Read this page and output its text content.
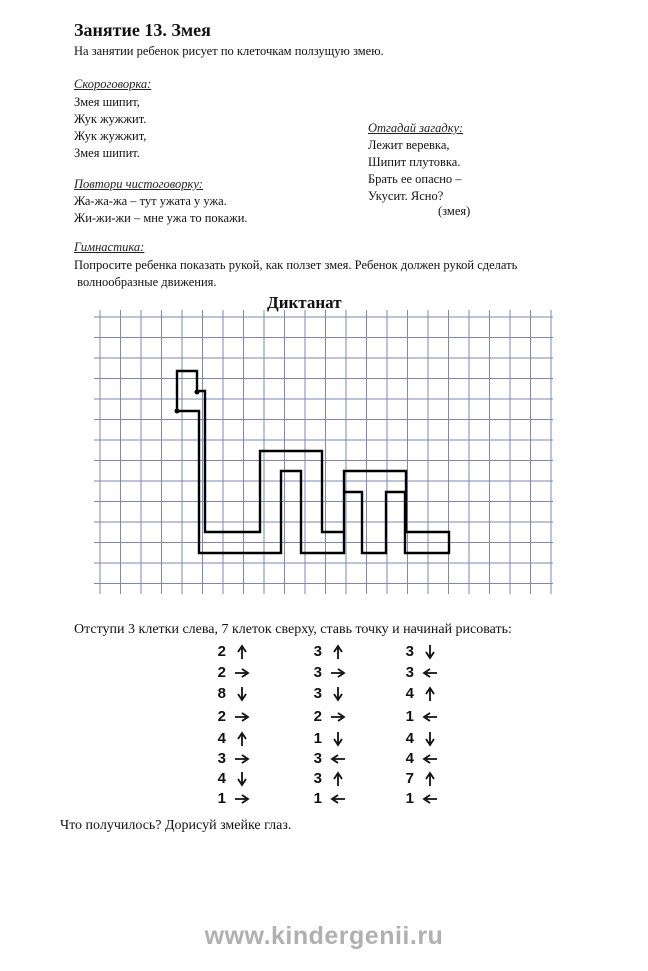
Занятие 13. Змея
На занятии ребенок рисует по клеточкам ползущую змею.
Скороговорка:
Змея шипит,
Жук жужжит.
Жук жужжит,
Змея шипит.
Отгадай загадку:
Лежит веревка,
Шипит плутовка.
Брать ее опасно –
Укусит. Ясно?
(змея)
Повтори чистоговорку:
Жа-жа-жа – тут ужата у ужа.
Жи-жи-жи – мне ужа то покажи.
Гимнастика:
Попросите ребенка показать рукой, как ползет змея. Ребенок должен рукой сделать
волнообразные движения.
Диктанат
Отступи 3 клетки слева, 7 клеток сверху, ставь точку и начинай рисовать:
2
2
8
2
4
3
4
1
3
3
3
2
1
3
3
1
3
3
4
1
4
4
7
1
Что получилось? Дорисуй змейке глаз.
www.kindergenii.ru
